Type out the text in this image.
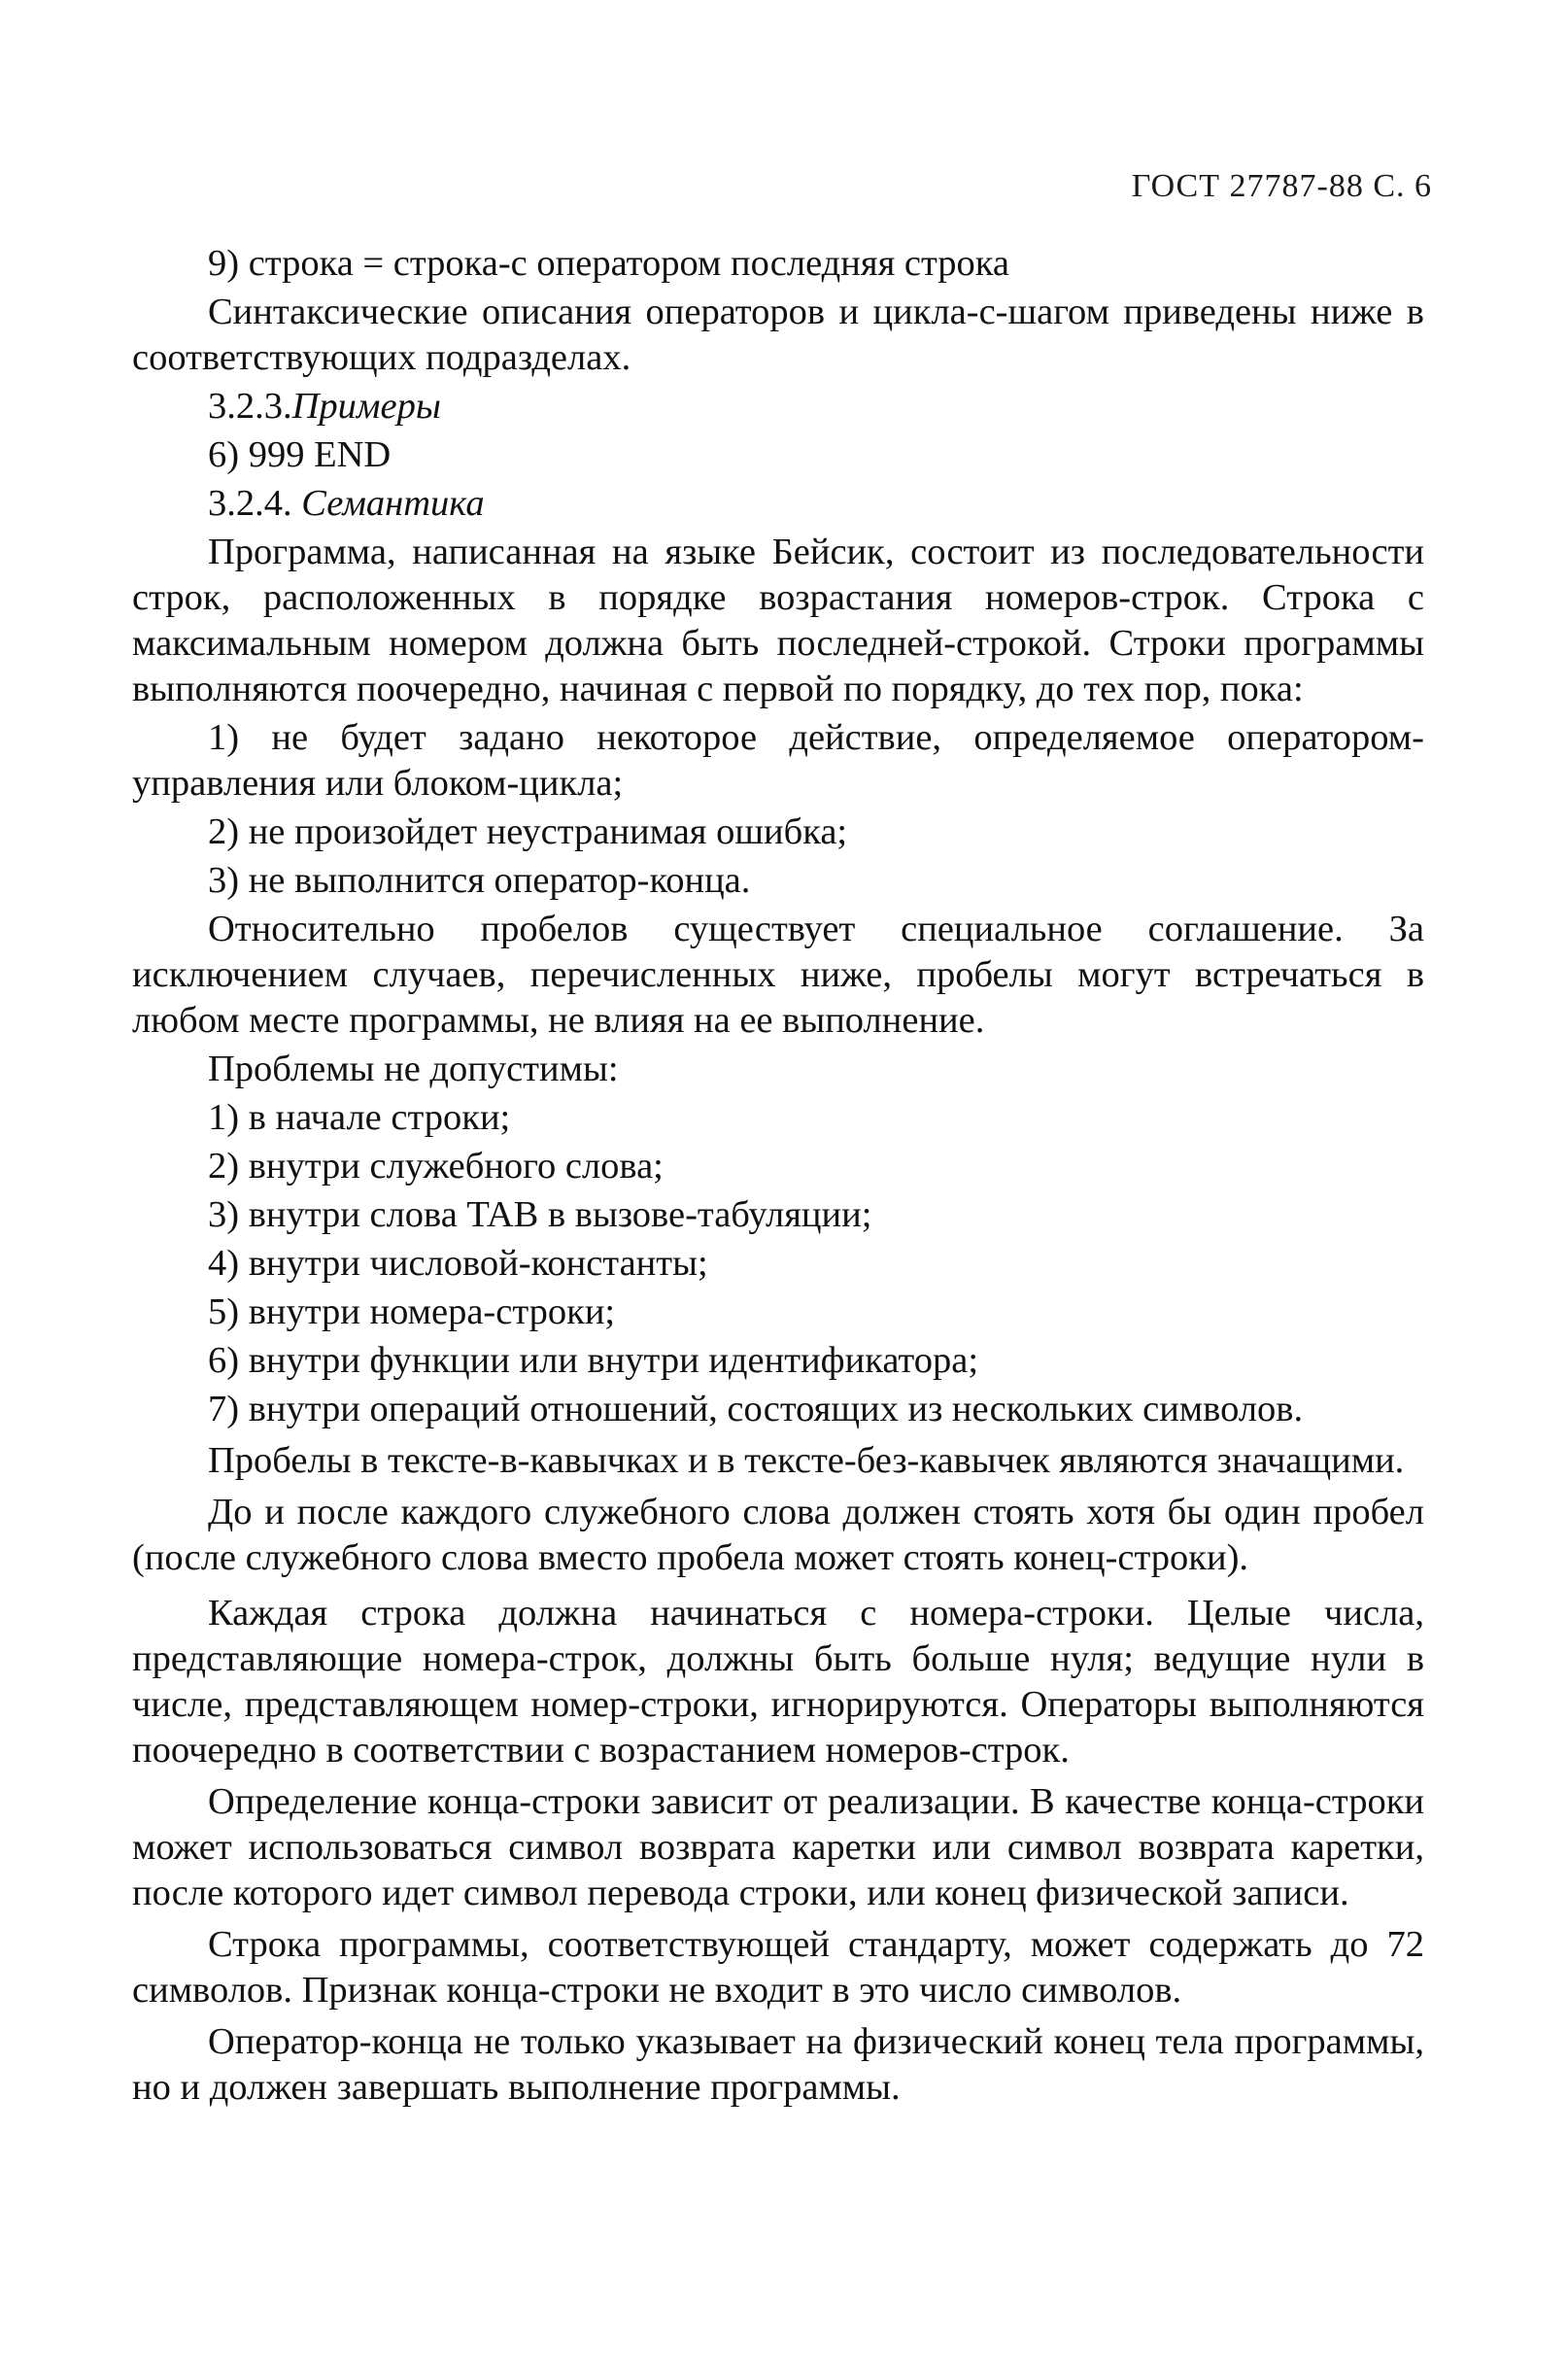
ГОСТ 27787-88 С. 6
9) строка = строка-с оператором последняя строка
Синтаксические описания операторов и цикла-с-шагом приведены ниже в соответствующих подразделах.
3.2.3.Примеры
6) 999 END
3.2.4. Семантика
Программа, написанная на языке Бейсик, состоит из последовательности строк, расположенных в порядке возрастания номеров-строк. Строка с максимальным номером должна быть последней-строкой. Строки программы выполняются поочередно, начиная с первой по порядку, до тех пор, пока:
1) не будет задано некоторое действие, определяемое оператором-управления или блоком-цикла;
2) не произойдет неустранимая ошибка;
3) не выполнится оператор-конца.
Относительно пробелов существует специальное соглашение. За исключением случаев, перечисленных ниже, пробелы могут встречаться в любом месте программы, не влияя на ее выполнение.
Проблемы не допустимы:
1) в начале строки;
2) внутри служебного слова;
3) внутри слова TAB в вызове-табуляции;
4) внутри числовой-константы;
5) внутри номера-строки;
6) внутри функции или внутри идентификатора;
7) внутри операций отношений, состоящих из нескольких символов.
Пробелы в тексте-в-кавычках и в тексте-без-кавычек являются значащими.
До и после каждого служебного слова должен стоять хотя бы один пробел (после служебного слова вместо пробела может стоять конец-строки).
Каждая строка должна начинаться с номера-строки. Целые числа, представляющие номера-строк, должны быть больше нуля; ведущие нули в числе, представляющем номер-строки, игнорируются. Операторы выполняются поочередно в соответствии с возрастанием номеров-строк.
Определение конца-строки зависит от реализации. В качестве конца-строки может использоваться символ возврата каретки или символ возврата каретки, после которого идет символ перевода строки, или конец физической записи.
Строка программы, соответствующей стандарту, может содержать до 72 символов. Признак конца-строки не входит в это число символов.
Оператор-конца не только указывает на физический конец тела программы, но и должен завершать выполнение программы.
